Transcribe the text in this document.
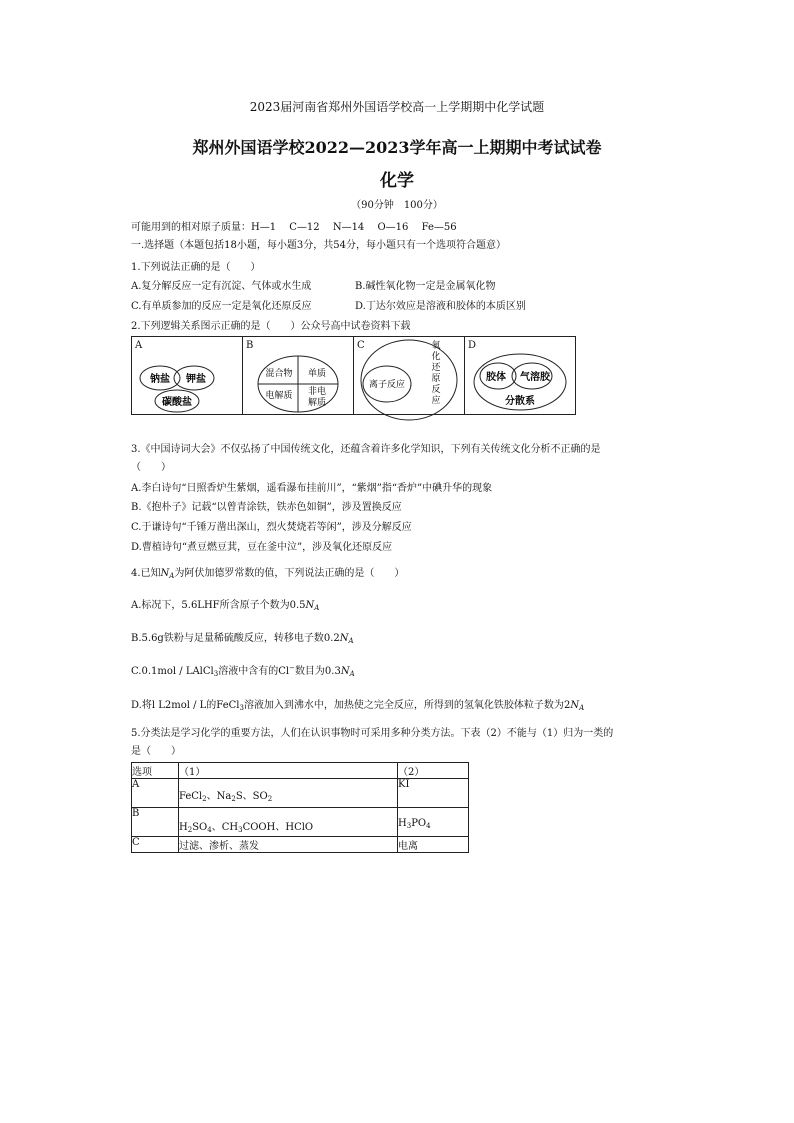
2023届河南省郑州外国语学校高一上学期期中化学试题
郑州外国语学校2022—2023学年高一上期期中考试试卷
化学
（90分钟　100分）
可能用到的相对原子质量：H—1　 C—12　 N—14　 O—16　 Fe—56
一.选择题（本题包括18小题，每小题3分，共54分，每小题只有一个选项符合题意）
1.下列说法正确的是（　　）
A.复分解反应一定有沉淀、气体或水生成	B.碱性氧化物一定是金属氧化物
C.有单质参加的反应一定是氧化还原反应	D.丁达尔效应是溶液和胶体的本质区别
2.下列逻辑关系图示正确的是（　　）公众号高中试卷资料下载
A
钠盐 钾盐
碳酸盐

B
混合物 单质
电解质 非电
解质

C
离子反应
氧
化
还
原
反
应

D
胶体 气溶胶
分散系
3.《中国诗词大会》不仅弘扬了中国传统文化，还蕴含着许多化学知识，下列有关传统文化分析不正确的是
（　　）
A.李白诗句“日照香炉生紫烟，遥看瀑布挂前川”，“紫烟”指“香炉”中碘升华的现象
B.《抱朴子》记载“以曾青涂铁，铁赤色如铜”，涉及置换反应
C.于谦诗句“千锤万凿出深山，烈火焚烧若等闲”，涉及分解反应
D.曹植诗句“煮豆燃豆萁，豆在釜中泣”，涉及氧化还原反应
4.已知$N_A$为阿伏加德罗常数的值，下列说法正确的是（　　）
A.标况下，5.6LHF所含原子个数为$0.5N_A$
B.5.6g铁粉与足量稀硫酸反应，转移电子数$0.2N_A$
C.0.1mol / LAlCl$_3$溶液中含有的Cl−数目为$0.3N_A$
D.将l L2mol / L的FeCl$_3$溶液加入到沸水中，加热使之完全反应，所得到的氢氧化铁胶体粒子数为$2N_A$
5.分类法是学习化学的重要方法，人们在认识事物时可采用多种分类方法。下表（2）不能与（1）归为一类的
是（　　）
选项	（1）	（2）
A	FeCl$_2$、$Na_2S$、$SO_2$	KI
B	$H_2SO_4$、$CH_3COOH$、HClO	$H_3PO_4$
C	过滤、渗析、蒸发	电离
